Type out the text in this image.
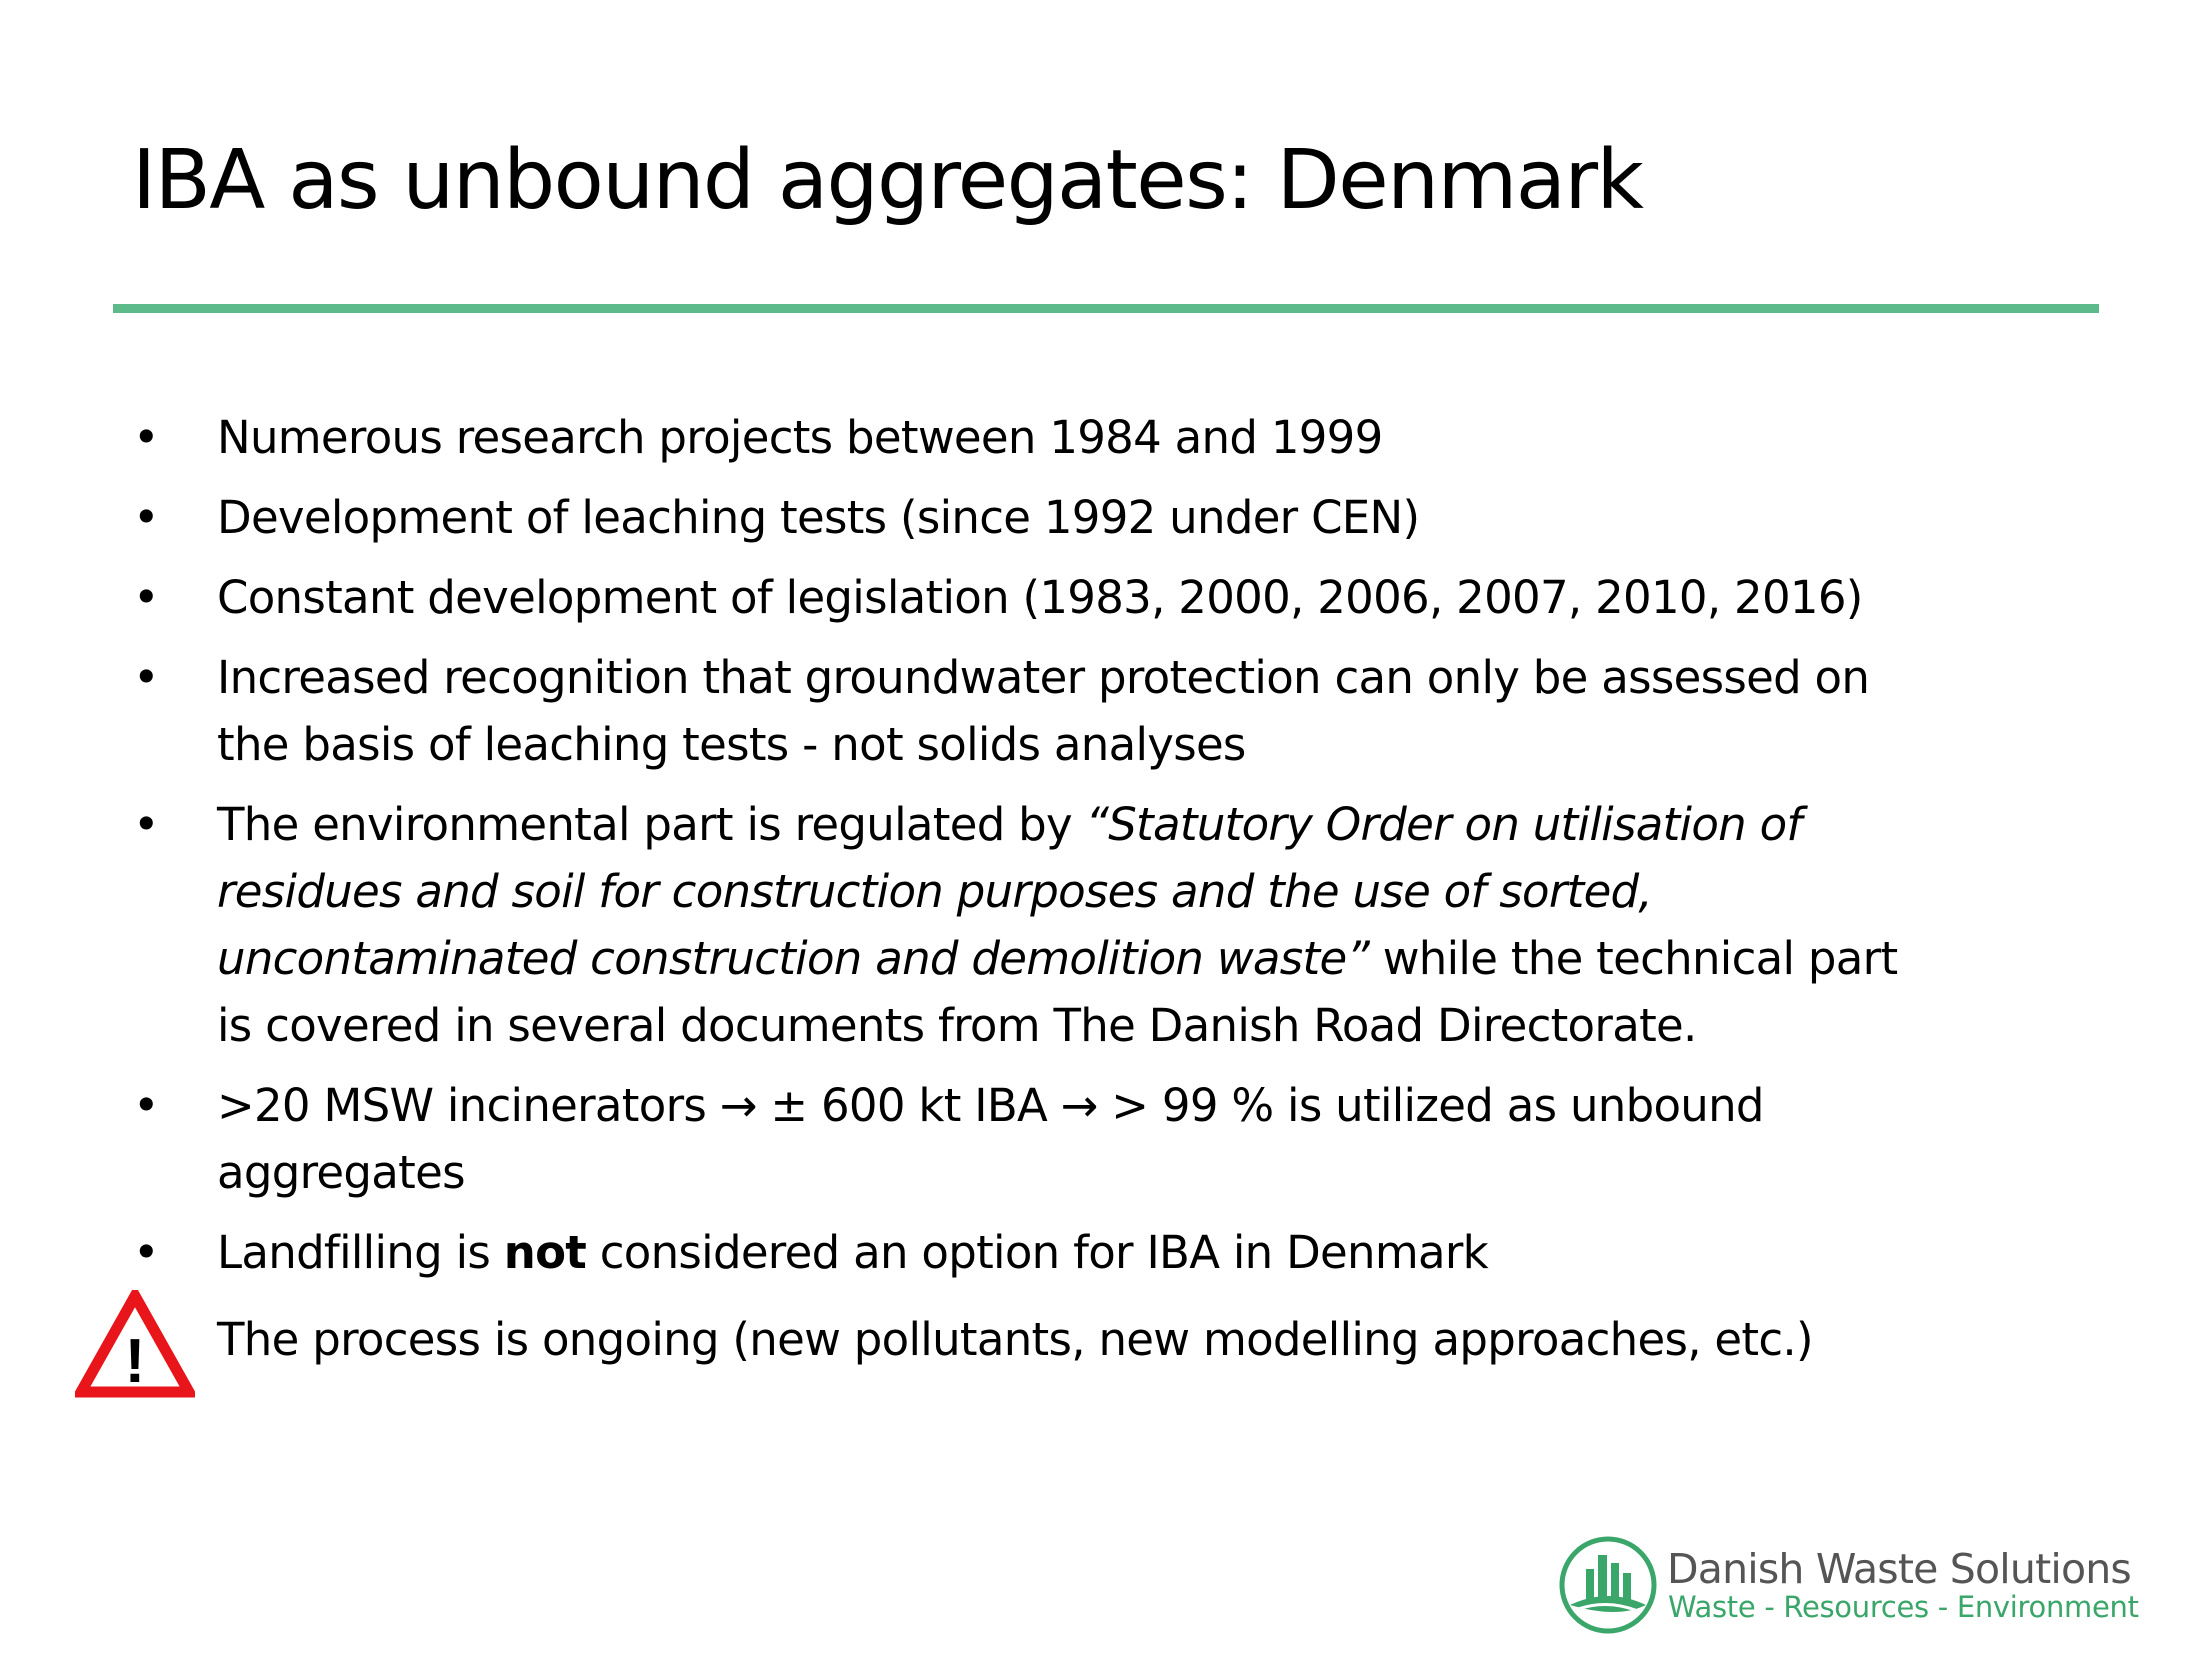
IBA as unbound aggregates: Denmark
• Numerous research projects between 1984 and 1999
• Development of leaching tests (since 1992 under CEN)
• Constant development of legislation (1983, 2000, 2006, 2007, 2010, 2016)
• Increased recognition that groundwater protection can only be assessed on the basis of leaching tests - not solids analyses
• The environmental part is regulated by “Statutory Order on utilisation of residues and soil for construction purposes and the use of sorted, uncontaminated construction and demolition waste” while the technical part is covered in several documents from The Danish Road Directorate.
• >20 MSW incinerators → ± 600 kt IBA → > 99 % is utilized as unbound aggregates
• Landfilling is not considered an option for IBA in Denmark
! The process is ongoing (new pollutants, new modelling approaches, etc.)
Danish Waste Solutions
Waste - Resources - Environment
